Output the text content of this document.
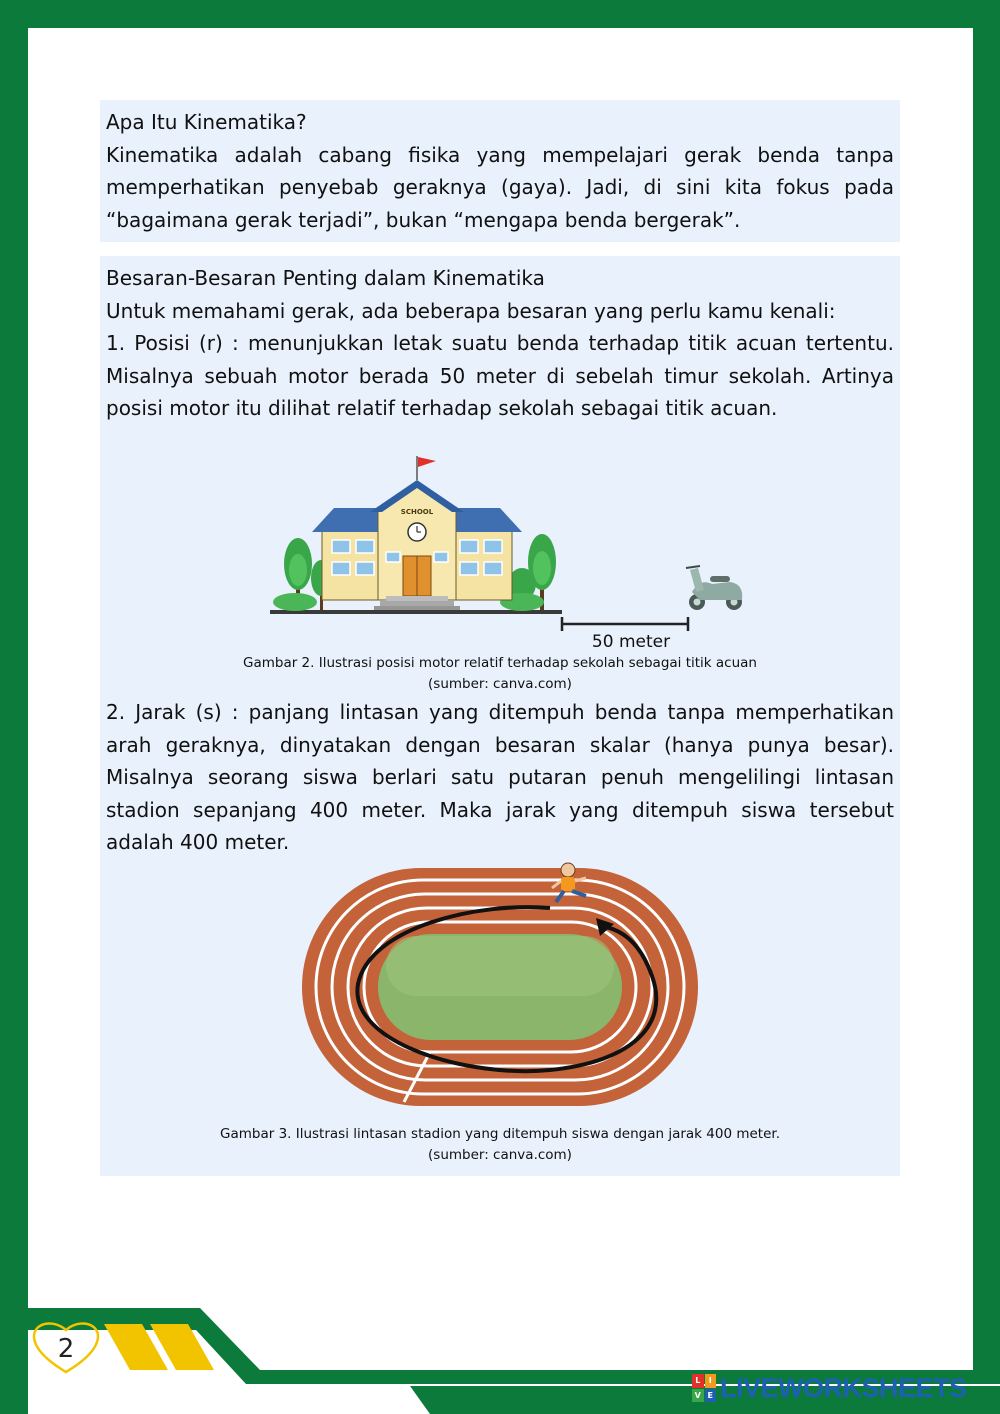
Apa Itu Kinematika?

Kinematika adalah cabang fisika yang mempelajari gerak benda tanpa memperhatikan penyebab geraknya (gaya). Jadi, di sini kita fokus pada “bagaimana gerak terjadi”, bukan “mengapa benda bergerak”.

Besaran-Besaran Penting dalam Kinematika

Untuk memahami gerak, ada beberapa besaran yang perlu kamu kenali:

1. Posisi (r) : menunjukkan letak suatu benda terhadap titik acuan tertentu. Misalnya sebuah motor berada 50 meter di sebelah timur sekolah. Artinya posisi motor itu dilihat relatif terhadap sekolah sebagai titik acuan.

SCHOOL
50 meter

Gambar 2. Ilustrasi posisi motor relatif terhadap sekolah sebagai titik acuan

(sumber: canva.com)

2. Jarak (s) : panjang lintasan yang ditempuh benda tanpa memperhatikan arah geraknya, dinyatakan dengan besaran skalar (hanya punya besar). Misalnya seorang siswa berlari satu putaran penuh mengelilingi lintasan stadion sepanjang 400 meter. Maka jarak yang ditempuh siswa tersebut adalah 400 meter.

Gambar 3. Ilustrasi lintasan stadion yang ditempuh siswa dengan jarak 400 meter.

(sumber: canva.com)

2
L	I
V E LIVEWORKSHEETS
